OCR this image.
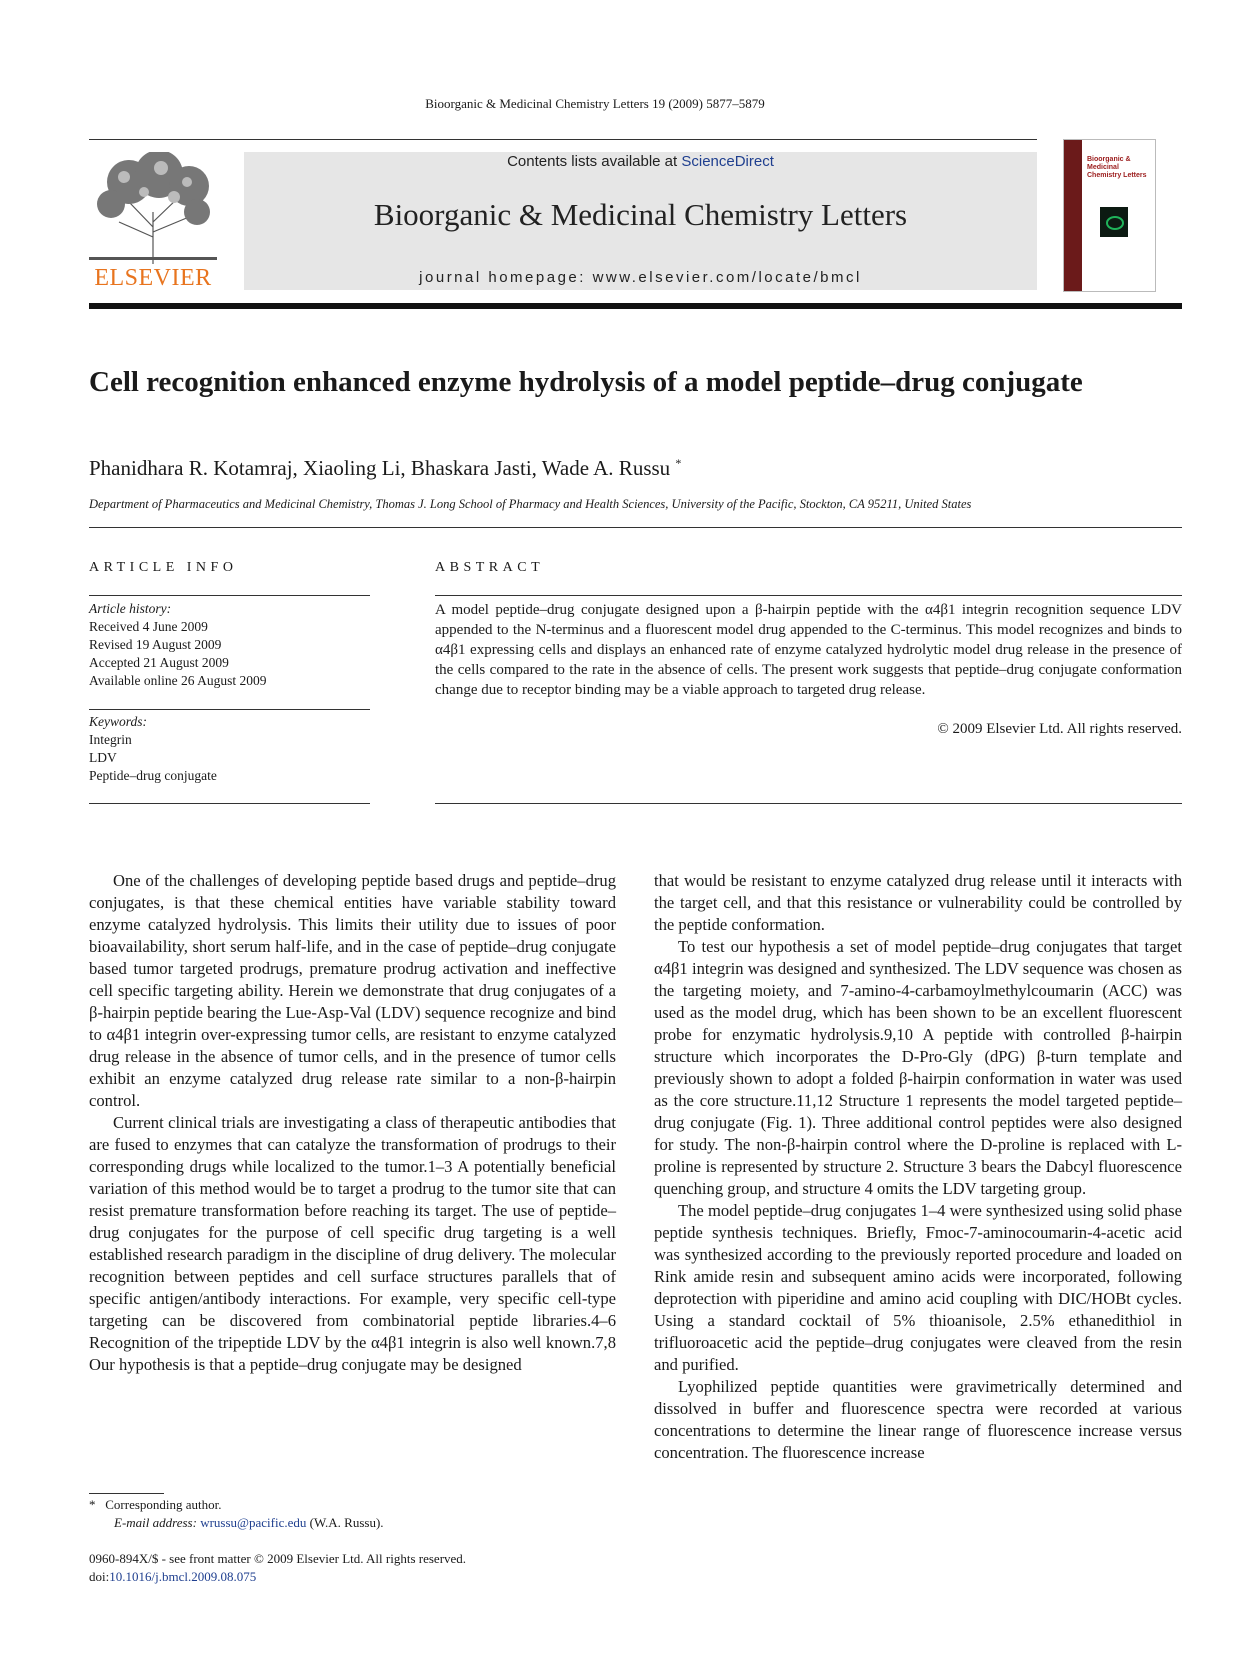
Bioorganic & Medicinal Chemistry Letters 19 (2009) 5877–5879
ELSEVIER
Contents lists available at ScienceDirect
Bioorganic & Medicinal Chemistry Letters
journal homepage: www.elsevier.com/locate/bmcl
Bioorganic & Medicinal Chemistry Letters
Cell recognition enhanced enzyme hydrolysis of a model peptide–drug conjugate
Phanidhara R. Kotamraj, Xiaoling Li, Bhaskara Jasti, Wade A. Russu *
Department of Pharmaceutics and Medicinal Chemistry, Thomas J. Long School of Pharmacy and Health Sciences, University of the Pacific, Stockton, CA 95211, United States
ARTICLE INFO	ABSTRACT
Article history:
Received 4 June 2009
Revised 19 August 2009
Accepted 21 August 2009
Available online 26 August 2009
Keywords:
Integrin
LDV
Peptide–drug conjugate
A model peptide–drug conjugate designed upon a β-hairpin peptide with the α4β1 integrin recognition sequence LDV appended to the N-terminus and a fluorescent model drug appended to the C-terminus. This model recognizes and binds to α4β1 expressing cells and displays an enhanced rate of enzyme catalyzed hydrolytic model drug release in the presence of the cells compared to the rate in the absence of cells. The present work suggests that peptide–drug conjugate conformation change due to receptor binding may be a viable approach to targeted drug release.
© 2009 Elsevier Ltd. All rights reserved.

One of the challenges of developing peptide based drugs and peptide–drug conjugates, is that these chemical entities have variable stability toward enzyme catalyzed hydrolysis. This limits their utility due to issues of poor bioavailability, short serum half-life, and in the case of peptide–drug conjugate based tumor targeted prodrugs, premature prodrug activation and ineffective cell specific targeting ability. Herein we demonstrate that drug conjugates of a β-hairpin peptide bearing the Lue-Asp-Val (LDV) sequence recognize and bind to α4β1 integrin over-expressing tumor cells, are resistant to enzyme catalyzed drug release in the absence of tumor cells, and in the presence of tumor cells exhibit an enzyme catalyzed drug release rate similar to a non-β-hairpin control.

Current clinical trials are investigating a class of therapeutic antibodies that are fused to enzymes that can catalyze the transformation of prodrugs to their corresponding drugs while localized to the tumor.1–3 A potentially beneficial variation of this method would be to target a prodrug to the tumor site that can resist premature transformation before reaching its target. The use of peptide–drug conjugates for the purpose of cell specific drug targeting is a well established research paradigm in the discipline of drug delivery. The molecular recognition between peptides and cell surface structures parallels that of specific antigen/antibody interactions. For example, very specific cell-type targeting can be discovered from combinatorial peptide libraries.4–6 Recognition of the tripeptide LDV by the α4β1 integrin is also well known.7,8 Our hypothesis is that a peptide–drug conjugate may be designed

that would be resistant to enzyme catalyzed drug release until it interacts with the target cell, and that this resistance or vulnerability could be controlled by the peptide conformation.

To test our hypothesis a set of model peptide–drug conjugates that target α4β1 integrin was designed and synthesized. The LDV sequence was chosen as the targeting moiety, and 7-amino-4-carbamoylmethylcoumarin (ACC) was used as the model drug, which has been shown to be an excellent fluorescent probe for enzymatic hydrolysis.9,10 A peptide with controlled β-hairpin structure which incorporates the D-Pro-Gly (dPG) β-turn template and previously shown to adopt a folded β-hairpin conformation in water was used as the core structure.11,12 Structure 1 represents the model targeted peptide–drug conjugate (Fig. 1). Three additional control peptides were also designed for study. The non-β-hairpin control where the D-proline is replaced with L-proline is represented by structure 2. Structure 3 bears the Dabcyl fluorescence quenching group, and structure 4 omits the LDV targeting group.

The model peptide–drug conjugates 1–4 were synthesized using solid phase peptide synthesis techniques. Briefly, Fmoc-7-aminocoumarin-4-acetic acid was synthesized according to the previously reported procedure and loaded on Rink amide resin and subsequent amino acids were incorporated, following deprotection with piperidine and amino acid coupling with DIC/HOBt cycles. Using a standard cocktail of 5% thioanisole, 2.5% ethanedithiol in trifluoroacetic acid the peptide–drug conjugates were cleaved from the resin and purified.

Lyophilized peptide quantities were gravimetrically determined and dissolved in buffer and fluorescence spectra were recorded at various concentrations to determine the linear range of fluorescence increase versus concentration. The fluorescence increase

* Corresponding author.
E-mail address: wrussu@pacific.edu (W.A. Russu).
0960-894X/$ - see front matter © 2009 Elsevier Ltd. All rights reserved.
doi:10.1016/j.bmcl.2009.08.075
